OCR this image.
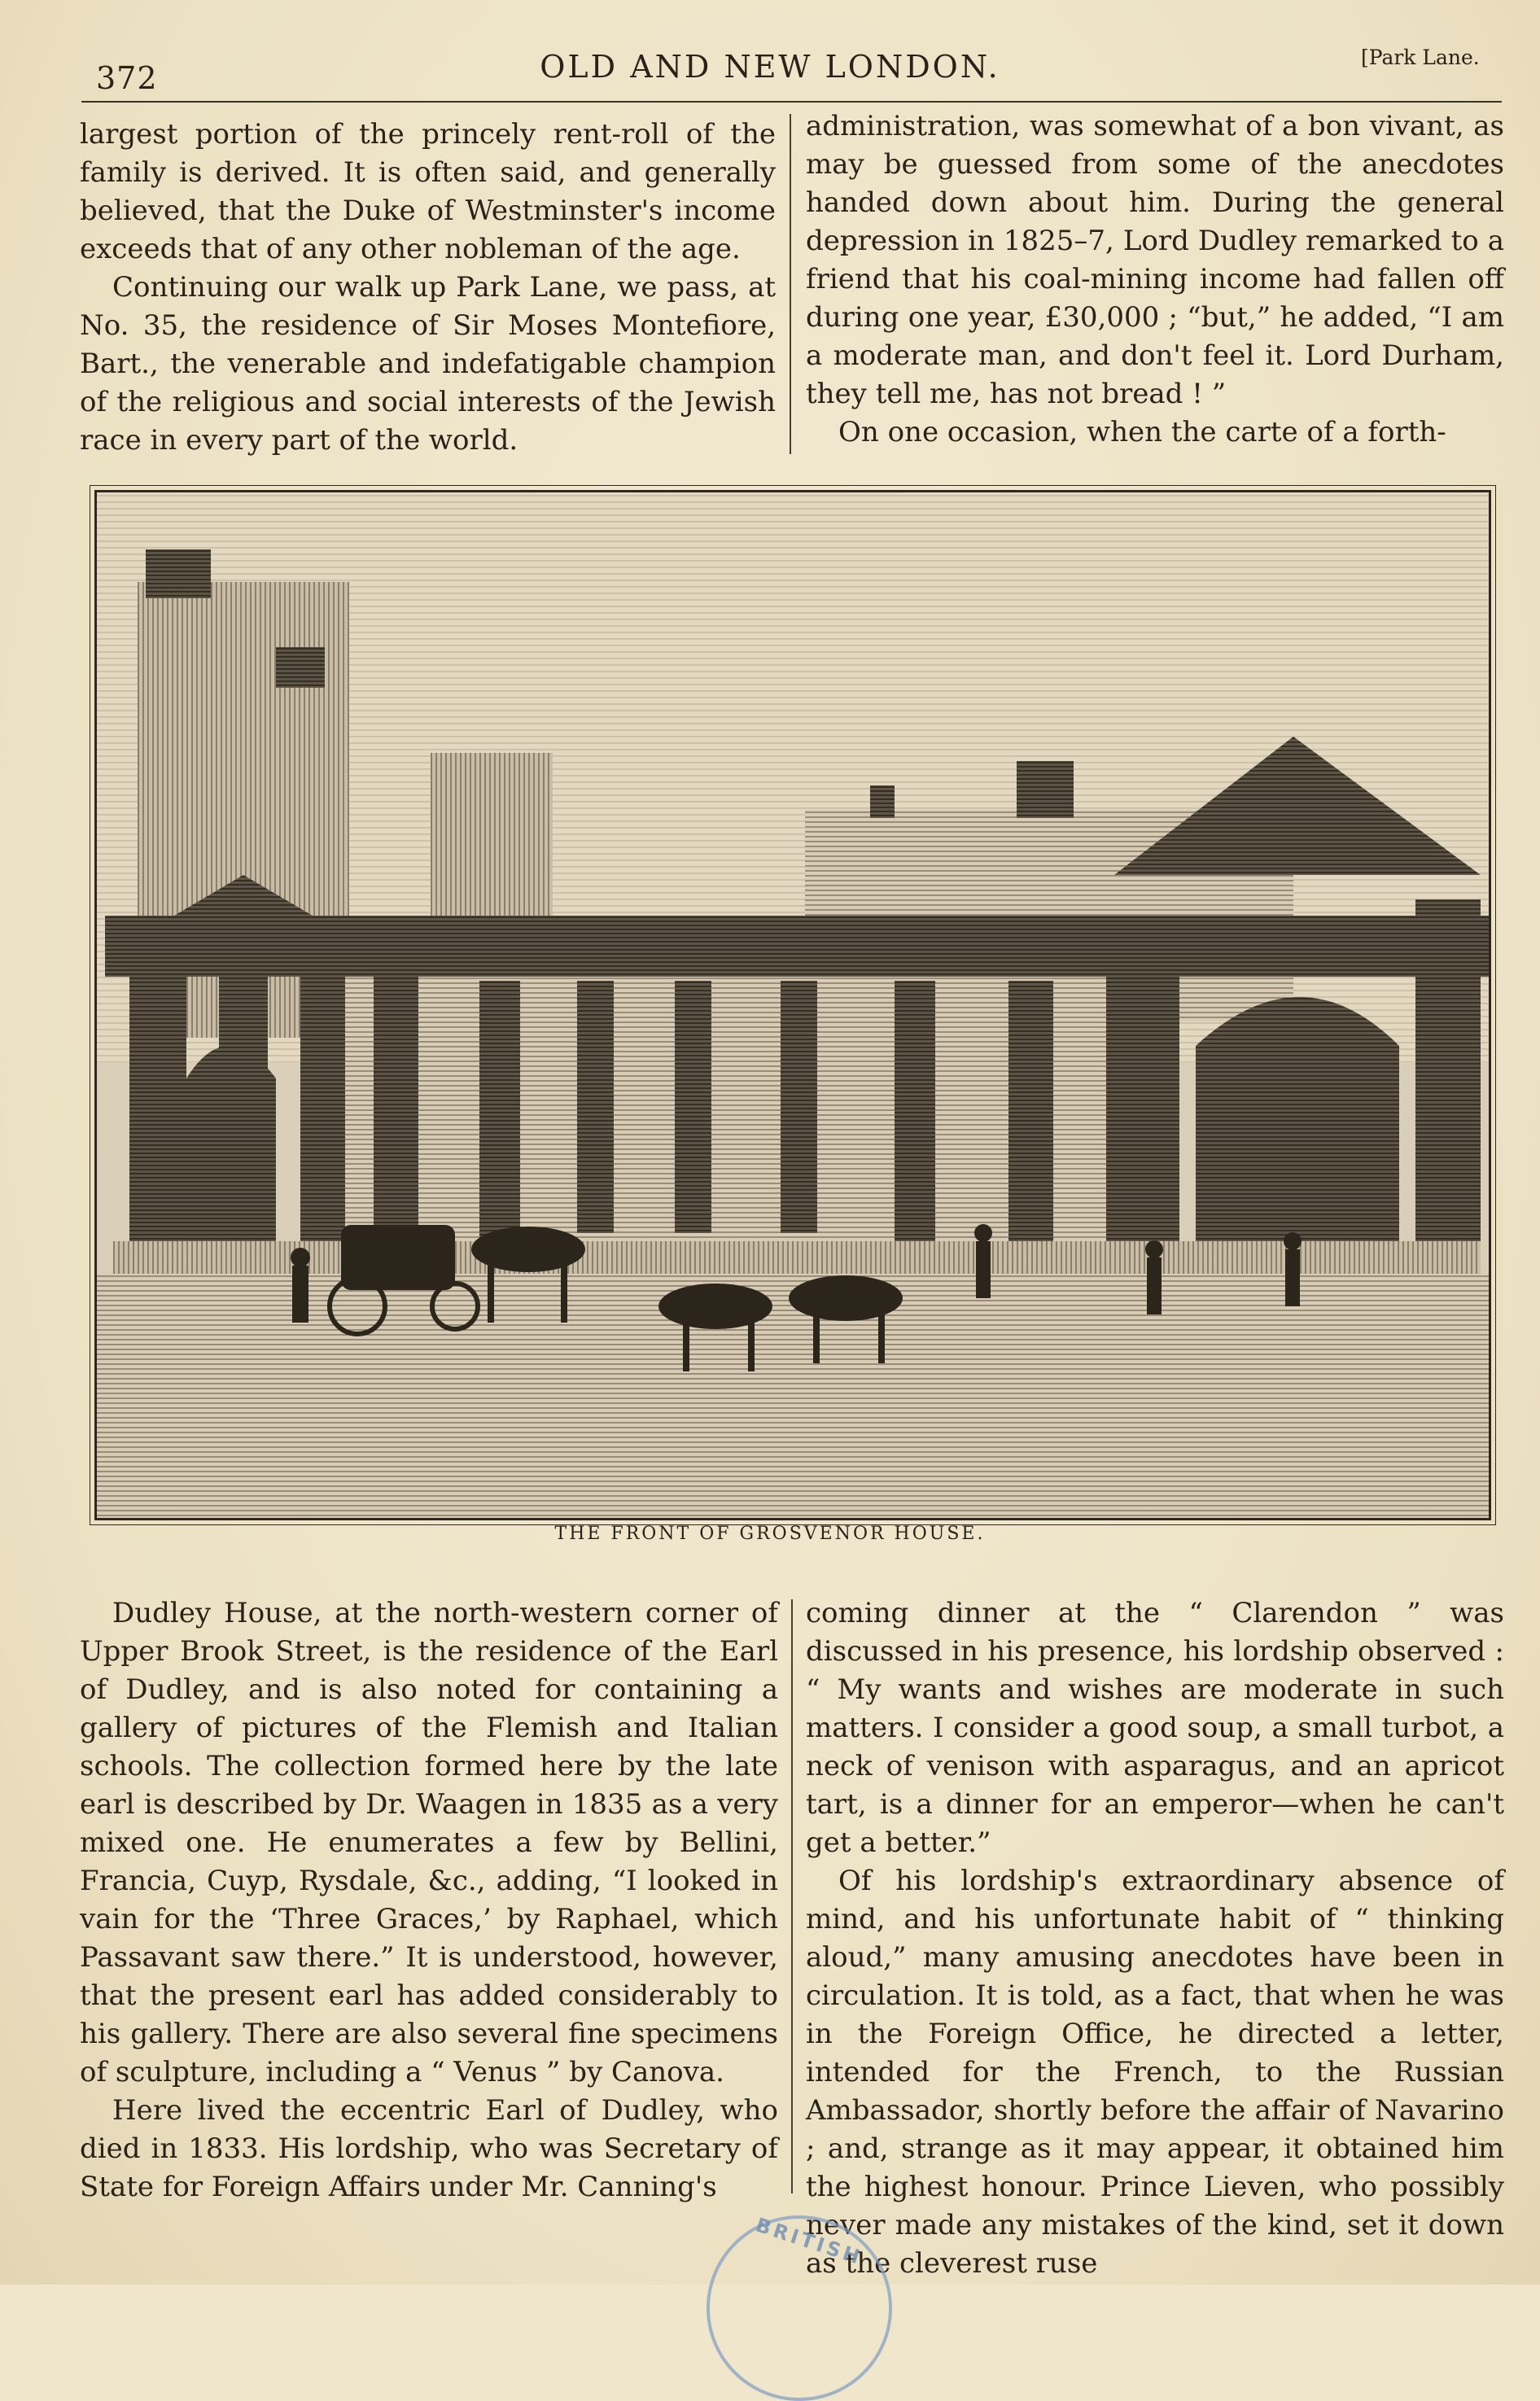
372	OLD AND NEW LONDON.	[Park Lane.

largest portion of the princely rent-roll of the family is derived. It is often said, and generally believed, that the Duke of Westminster's income exceeds that of any other nobleman of the age.

Continuing our walk up Park Lane, we pass, at No. 35, the residence of Sir Moses Montefiore, Bart., the venerable and indefatigable champion of the religious and social interests of the Jewish race in every part of the world.

administration, was somewhat of a bon vivant, as may be guessed from some of the anecdotes handed down about him. During the general depression in 1825–7, Lord Dudley remarked to a friend that his coal-mining income had fallen off during one year, £30,000 ; “but,” he added, “I am a moderate man, and don't feel it. Lord Durham, they tell me, has not bread ! ”

On one occasion, when the carte of a forth-

THE FRONT OF GROSVENOR HOUSE.

Dudley House, at the north-western corner of Upper Brook Street, is the residence of the Earl of Dudley, and is also noted for containing a gallery of pictures of the Flemish and Italian schools. The collection formed here by the late earl is described by Dr. Waagen in 1835 as a very mixed one. He enumerates a few by Bellini, Francia, Cuyp, Rysdale, &c., adding, “I looked in vain for the ‘Three Graces,’ by Raphael, which Passavant saw there.” It is understood, however, that the present earl has added considerably to his gallery. There are also several fine specimens of sculpture, including a “ Venus ” by Canova.

Here lived the eccentric Earl of Dudley, who died in 1833. His lordship, who was Secretary of State for Foreign Affairs under Mr. Canning's

coming dinner at the “ Clarendon ” was discussed in his presence, his lordship observed : “ My wants and wishes are moderate in such matters. I consider a good soup, a small turbot, a neck of venison with asparagus, and an apricot tart, is a dinner for an emperor—when he can't get a better.”

Of his lordship's extraordinary absence of mind, and his unfortunate habit of “ thinking aloud,” many amusing anecdotes have been in circulation. It is told, as a fact, that when he was in the Foreign Office, he directed a letter, intended for the French, to the Russian Ambassador, shortly before the affair of Navarino ; and, strange as it may appear, it obtained him the highest honour. Prince Lieven, who possibly never made any mistakes of the kind, set it down as the cleverest ruse

BRITISH
